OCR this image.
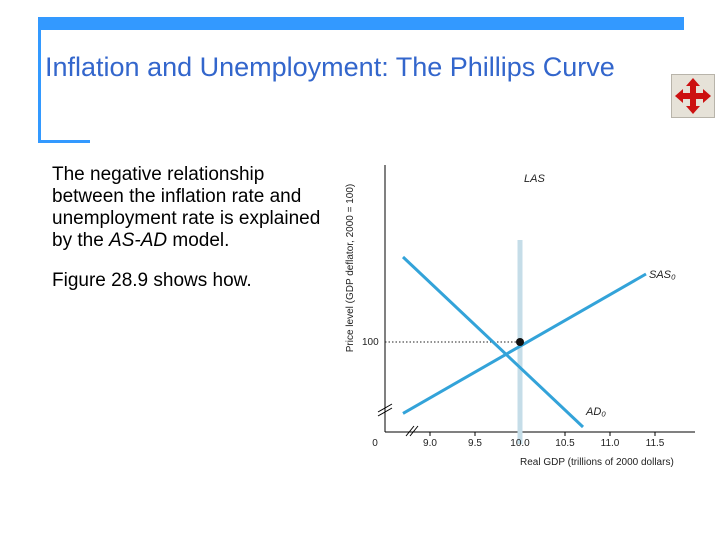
Inflation and Unemployment: The Phillips Curve

The negative relationship between the inflation rate and unemployment rate is explained by the AS-AD model.

Figure 28.9 shows how.

0	9.0	9.5	10.0	10.5	11.0	11.5
100
Real GDP (trillions of 2000 dollars)
Price level (GDP deflator, 2000 = 100)
LAS
SAS₀
AD₀
